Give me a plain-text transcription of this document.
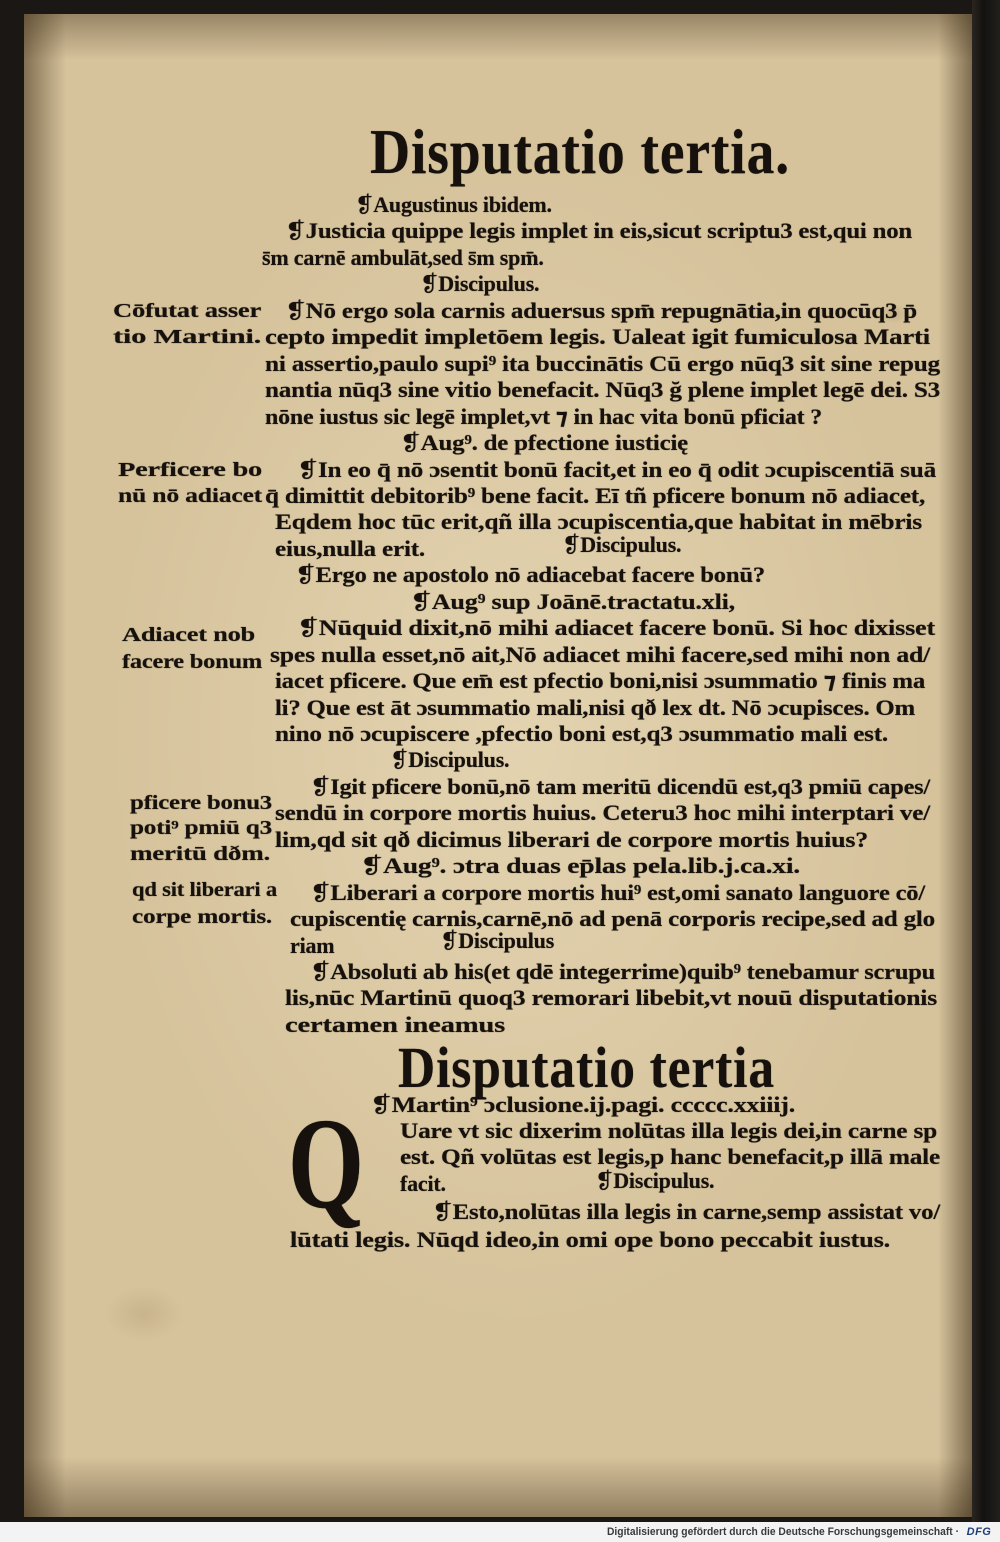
Disputatio tertia.
❡Augustinus ibidem.
❡Justicia quippe legis implet in eis,sicut scriptu3 est,qui non
s̄m carnē ambulāt,sed s̄m spm̄.
❡Discipulus.
❡Nō ergo sola carnis aduersus spm̄ repugnātia,in quocūq3 p̄
cepto impedit impletōem legis. Ualeat igit fumiculosa Marti
ni assertio,paulo supi⁹ ita buccinātis Cū ergo nūq3 sit sine repug
nantia nūq3 sine vitio benefacit. Nūq3 ğ plene implet legē dei. S3
nōne iustus sic legē implet,vt ⁊ in hac vita bonū pficiat ?
❡Aug⁹. de pfectione iusticię
❡In eo q̄ nō ɔsentit bonū facit,et in eo q̄ odit ɔcupiscentiā suā
q̄ dimittit debitorib⁹ bene facit. Eī tñ pficere bonum nō adiacet,
Eqdem hoc tūc erit,qñ illa ɔcupiscentia,que habitat in mēbris
eius,nulla erit.	❡Discipulus.
❡Ergo ne apostolo nō adiacebat facere bonū?
❡Aug⁹ sup Joānē.tractatu.xli,
❡Nūquid dixit,nō mihi adiacet facere bonū. Si hoc dixisset
spes nulla esset,nō ait,Nō adiacet mihi facere,sed mihi non ad/
iacet pficere. Que em̄ est pfectio boni,nisi ɔsummatio ⁊ finis ma
li? Que est āt ɔsummatio mali,nisi qð lex dt. Nō ɔcupisces. Om
nino nō ɔcupiscere ,pfectio boni est,q3 ɔsummatio mali est.
❡Discipulus.
❡Igit pficere bonū,nō tam meritū dicendū est,q3 pmiū capes/
sendū in corpore mortis huius. Ceteru3 hoc mihi interptari ve/
lim,qd sit qð dicimus liberari de corpore mortis huius?
❡Aug⁹. ɔtra duas ep̄las pela.lib.j.ca.xi.
❡Liberari a corpore mortis hui⁹ est,omi sanato languore cō/
cupiscentię carnis,carnē,nō ad penā corporis recipe,sed ad glo
riam	❡Discipulus
❡Absoluti ab his(et qdē integerrime)quib⁹ tenebamur scrupu
lis,nūc Martinū quoq3 remorari libebit,vt nouū disputationis
certamen ineamus
Cōfutat asser
tio Martini.
Perficere bo
nū nō adiacet
Adiacet nob
facere bonum
pficere bonu3
poti⁹ pmiū q3
meritū dðm.
qd sit liberari a
corpe mortis.
Disputatio tertia
❡Martin⁹ ɔclusione.ij.pagi. ccccc.xxiiij.
Q Uare vt sic dixerim nolūtas illa legis dei,in carne sp
est. Qñ volūtas est legis,p hanc benefacit,p illā male
facit.	❡Discipulus.
❡Esto,nolūtas illa legis in carne,semp assistat vo/
lūtati legis. Nūqd ideo,in omi ope bono peccabit iustus.
Digitalisierung gefördert durch die Deutsche Forschungsgemeinschaft · DFG
